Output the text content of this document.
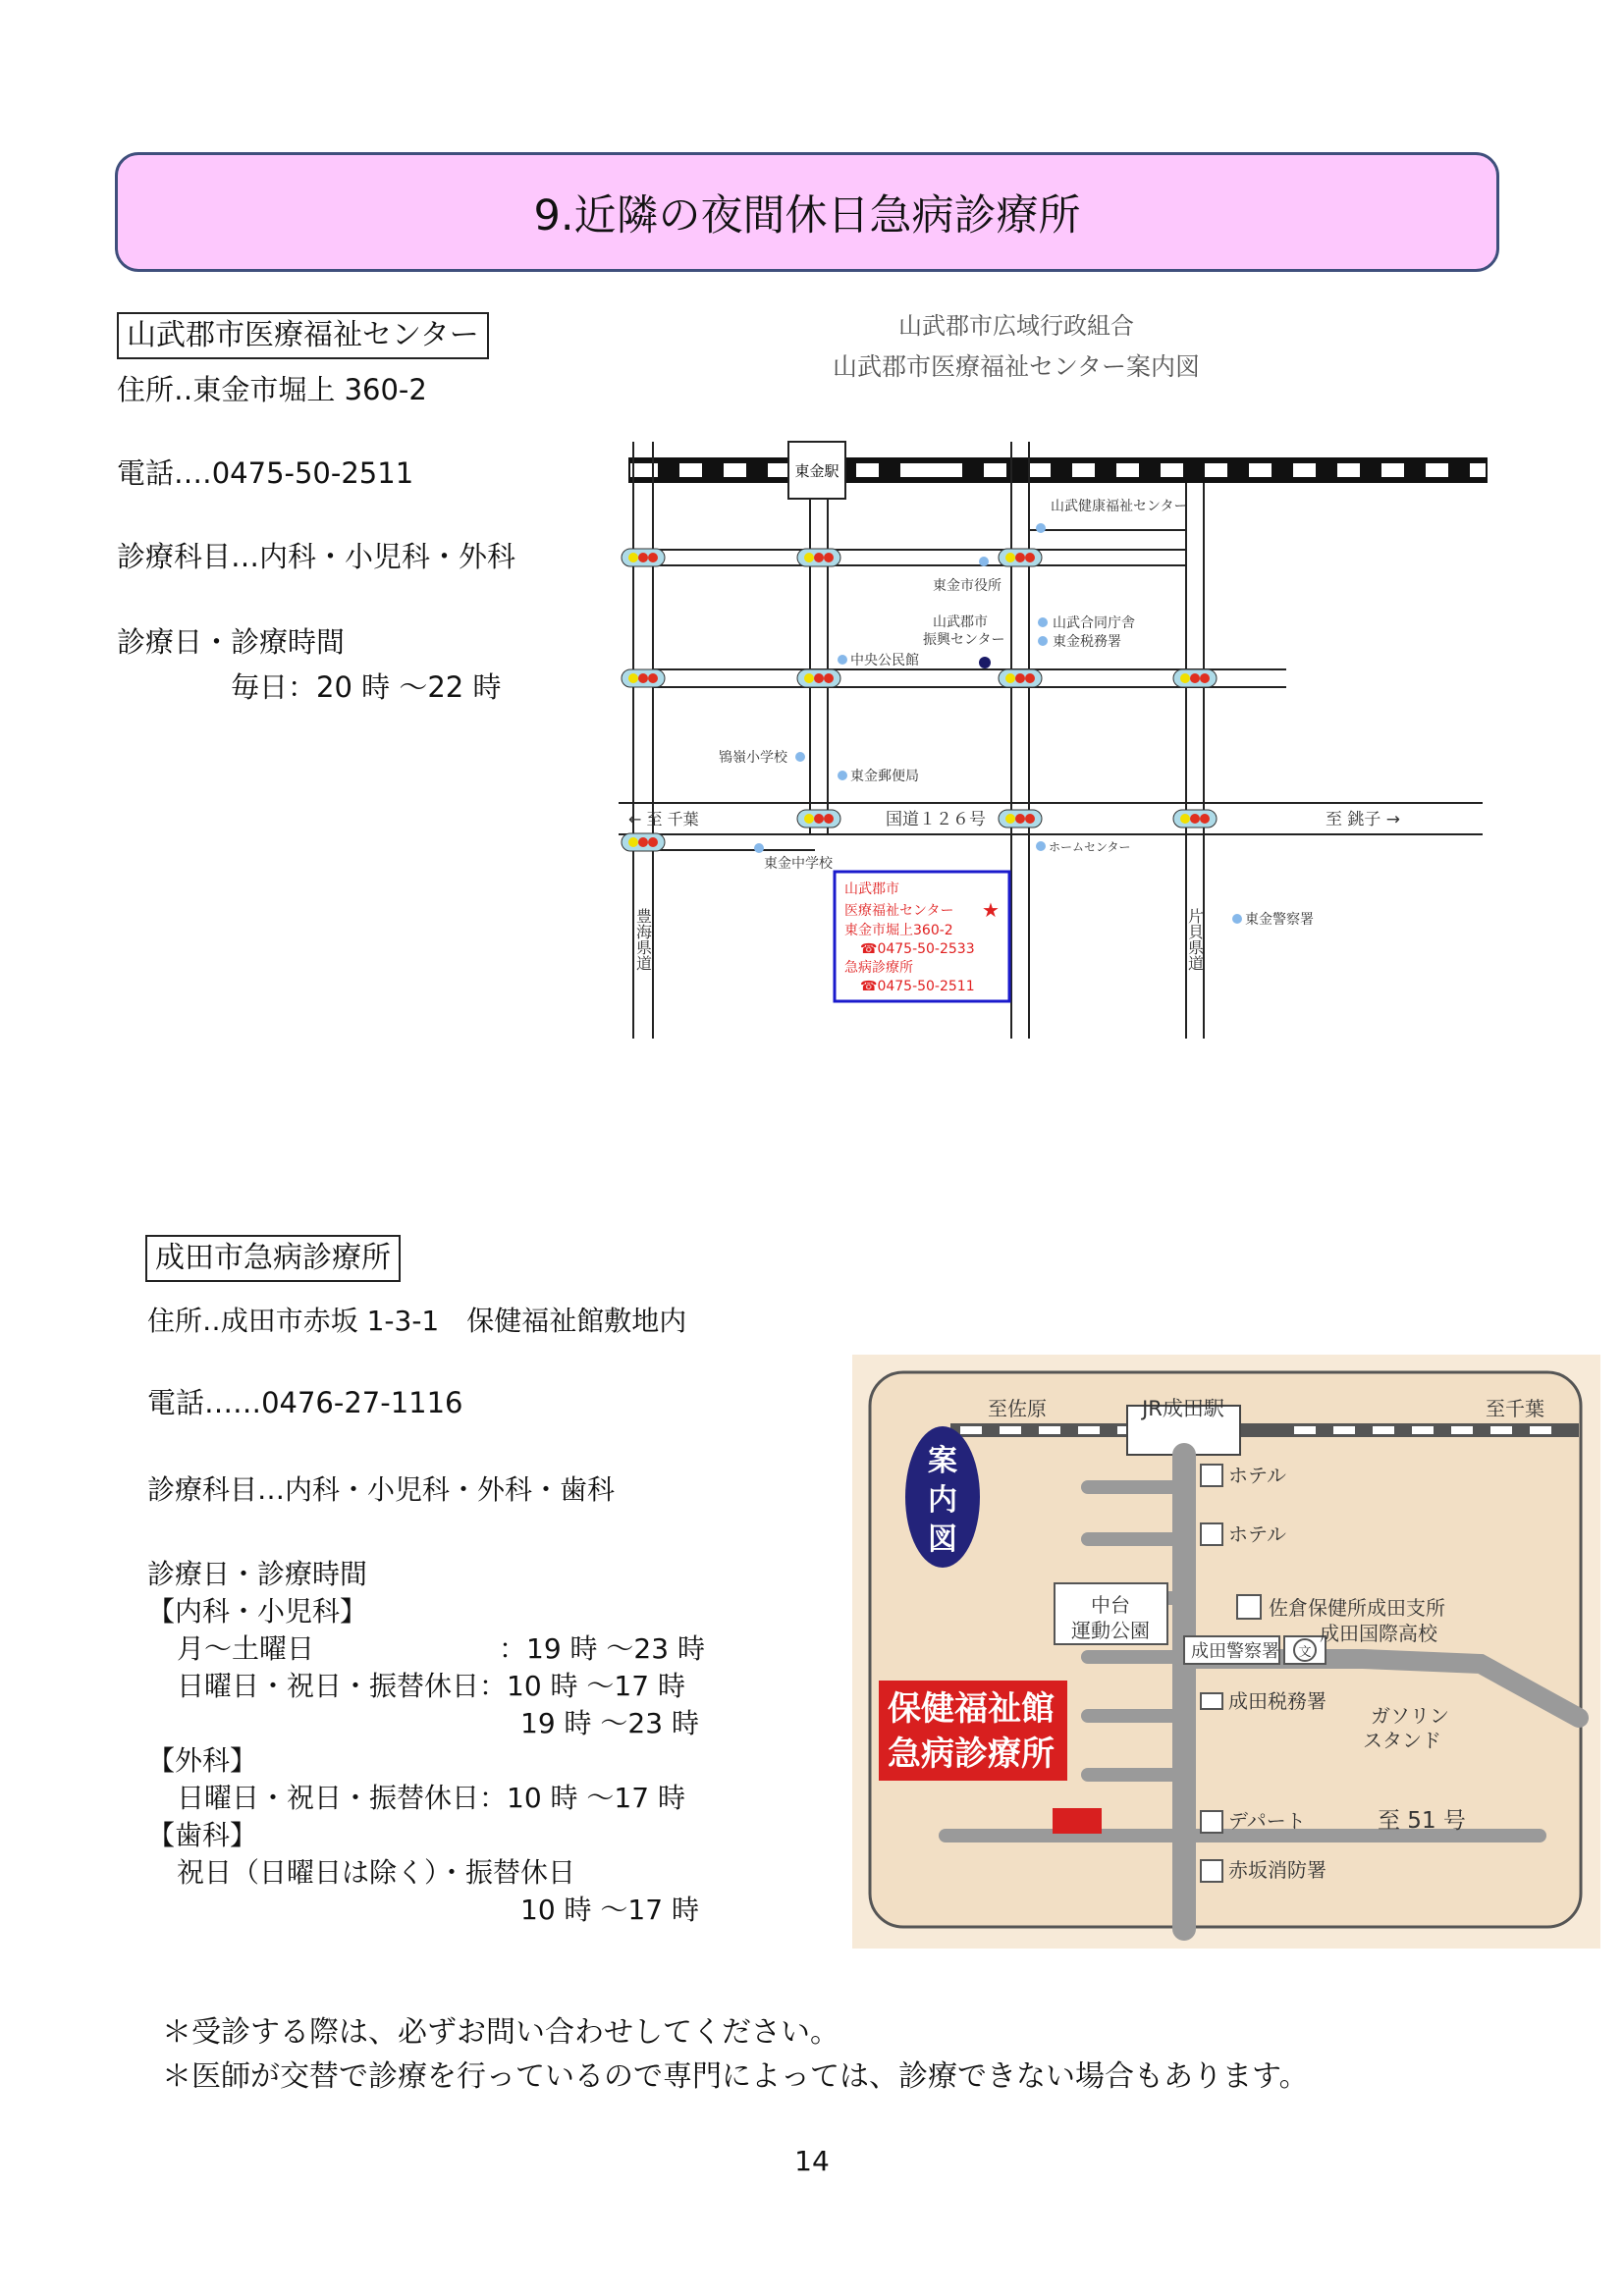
9.近隣の夜間休日急病診療所
山武郡市医療福祉センター
住所‥東金市堀上 360-2
電話‥‥0475-50-2511
診療科目…内科・小児科・外科
診療日・診療時間
毎日：20 時 ～22 時
山武郡市広域行政組合
山武郡市医療福祉センター案内図
東金駅
山武健康福祉センター
東金市役所
山武郡市
振興センター
山武合同庁舎
東金税務署
中央公民館
鴇嶺小学校
東金郵便局
← 至 千葉	国道１２６号	至 銚子 →
ホームセンター
東金中学校
東金警察署
豊海県道	片貝県道
山武郡市
医療福祉センター ★
東金市堀上360-2
☎0475-50-2533
急病診療所
☎0475-50-2511
成田市急病診療所
住所‥成田市赤坂 1-3-1　保健福祉館敷地内
電話‥‥‥0476-27-1116
診療科目…内科・小児科・外科・歯科
診療日・診療時間
【内科・小児科】
月～土曜日	：19 時 ～23 時
日曜日・祝日・振替休日：10 時 ～17 時
19 時 ～23 時
【外科】
日曜日・祝日・振替休日：10 時 ～17 時
【歯科】
祝日（日曜日は除く）・振替休日
10 時 ～17 時
JR成田駅
至佐原	至千葉
案
内
図
文
ホテル
ホテル
中台
運動公園
佐倉保健所成田支所
成田警察署
成田国際高校
成田税務署
ガソリン
スタンド
デパート	至 51 号
赤坂消防署
保健福祉館
急病診療所
＊受診する際は、必ずお問い合わせしてください。
＊医師が交替で診療を行っているので専門によっては、診療できない場合もあります。
14
